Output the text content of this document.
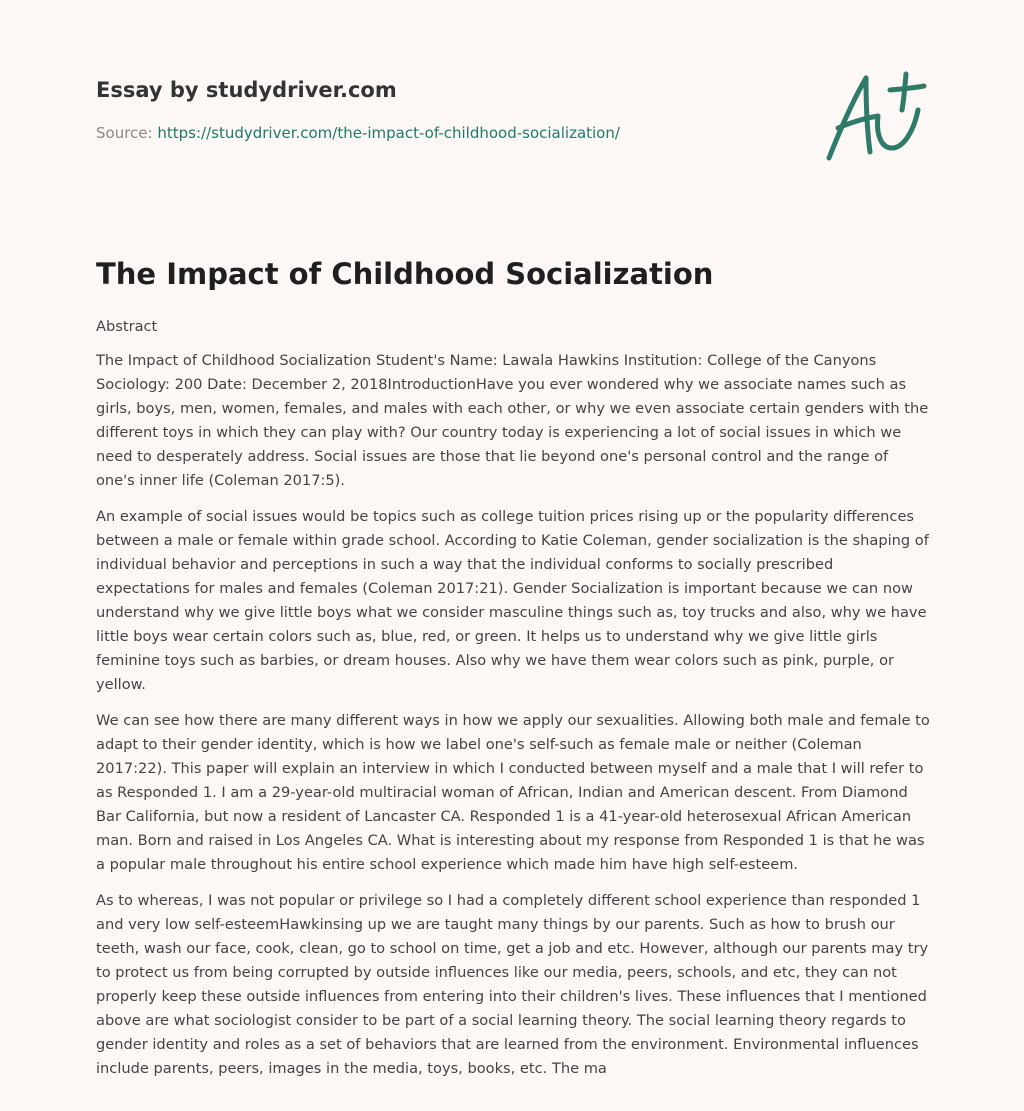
Essay by studydriver.com
Source: https://studydriver.com/the-impact-of-childhood-socialization/
The Impact of Childhood Socialization

Abstract

The Impact of Childhood Socialization Student's Name: Lawala Hawkins Institution: College of the Canyons Sociology: 200 Date: December 2, 2018IntroductionHave you ever wondered why we associate names such as girls, boys, men, women, females, and males with each other, or why we even associate certain genders with the different toys in which they can play with? Our country today is experiencing a lot of social issues in which we need to desperately address. Social issues are those that lie beyond one's personal control and the range of one's inner life (Coleman 2017:5).

An example of social issues would be topics such as college tuition prices rising up or the popularity differences between a male or female within grade school. According to Katie Coleman, gender socialization is the shaping of individual behavior and perceptions in such a way that the individual conforms to socially prescribed expectations for males and females (Coleman 2017:21). Gender Socialization is important because we can now understand why we give little boys what we consider masculine things such as, toy trucks and also, why we have little boys wear certain colors such as, blue, red, or green. It helps us to understand why we give little girls feminine toys such as barbies, or dream houses. Also why we have them wear colors such as pink, purple, or yellow.

We can see how there are many different ways in how we apply our sexualities. Allowing both male and female to adapt to their gender identity, which is how we label one's self-such as female male or neither (Coleman 2017:22). This paper will explain an interview in which I conducted between myself and a male that I will refer to as Responded 1. I am a 29-year-old multiracial woman of African, Indian and American descent. From Diamond Bar California, but now a resident of Lancaster CA. Responded 1 is a 41-year-old heterosexual African American man. Born and raised in Los Angeles CA. What is interesting about my response from Responded 1 is that he was a popular male throughout his entire school experience which made him have high self-esteem.

As to whereas, I was not popular or privilege so I had a completely different school experience than responded 1 and very low self-esteemHawkinsing up we are taught many things by our parents. Such as how to brush our teeth, wash our face, cook, clean, go to school on time, get a job and etc. However, although our parents may try to protect us from being corrupted by outside influences like our media, peers, schools, and etc, they can not properly keep these outside influences from entering into their children's lives. These influences that I mentioned above are what sociologist consider to be part of a social learning theory. The social learning theory regards to gender identity and roles as a set of behaviors that are learned from the environment. Environmental influences include parents, peers, images in the media, toys, books, etc. The ma
